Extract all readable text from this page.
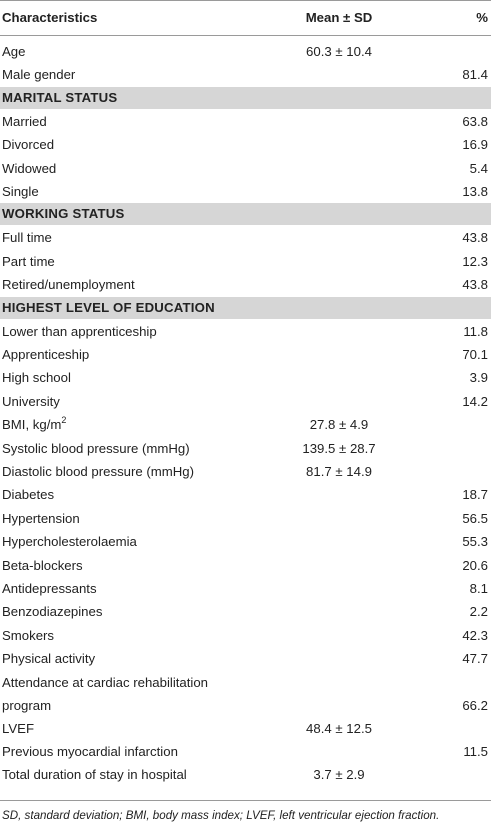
Characteristics	Mean ± SD	%
Age	60.3 ± 10.4
Male gender	81.4
MARITAL STATUS
Married	63.8
Divorced	16.9
Widowed	5.4
Single	13.8
WORKING STATUS
Full time	43.8
Part time	12.3
Retired/unemployment	43.8
HIGHEST LEVEL OF EDUCATION
Lower than apprenticeship	11.8
Apprenticeship	70.1
High school	3.9
University	14.2
BMI, $kg/m^2$	27.8 ± 4.9
Systolic blood pressure (mmHg)	139.5 ± 28.7
Diastolic blood pressure (mmHg)	81.7 ± 14.9
Diabetes	18.7
Hypertension	56.5
Hypercholesterolaemia	55.3
Beta-blockers	20.6
Antidepressants	8.1
Benzodiazepines	2.2
Smokers	42.3
Physical activity	47.7
Attendance at cardiac rehabilitation
program	66.2
LVEF	48.4 ± 12.5
Previous myocardial infarction	11.5
Total duration of stay in hospital	3.7 ± 2.9
SD, standard deviation; BMI, body mass index; LVEF, left ventricular ejection fraction.
